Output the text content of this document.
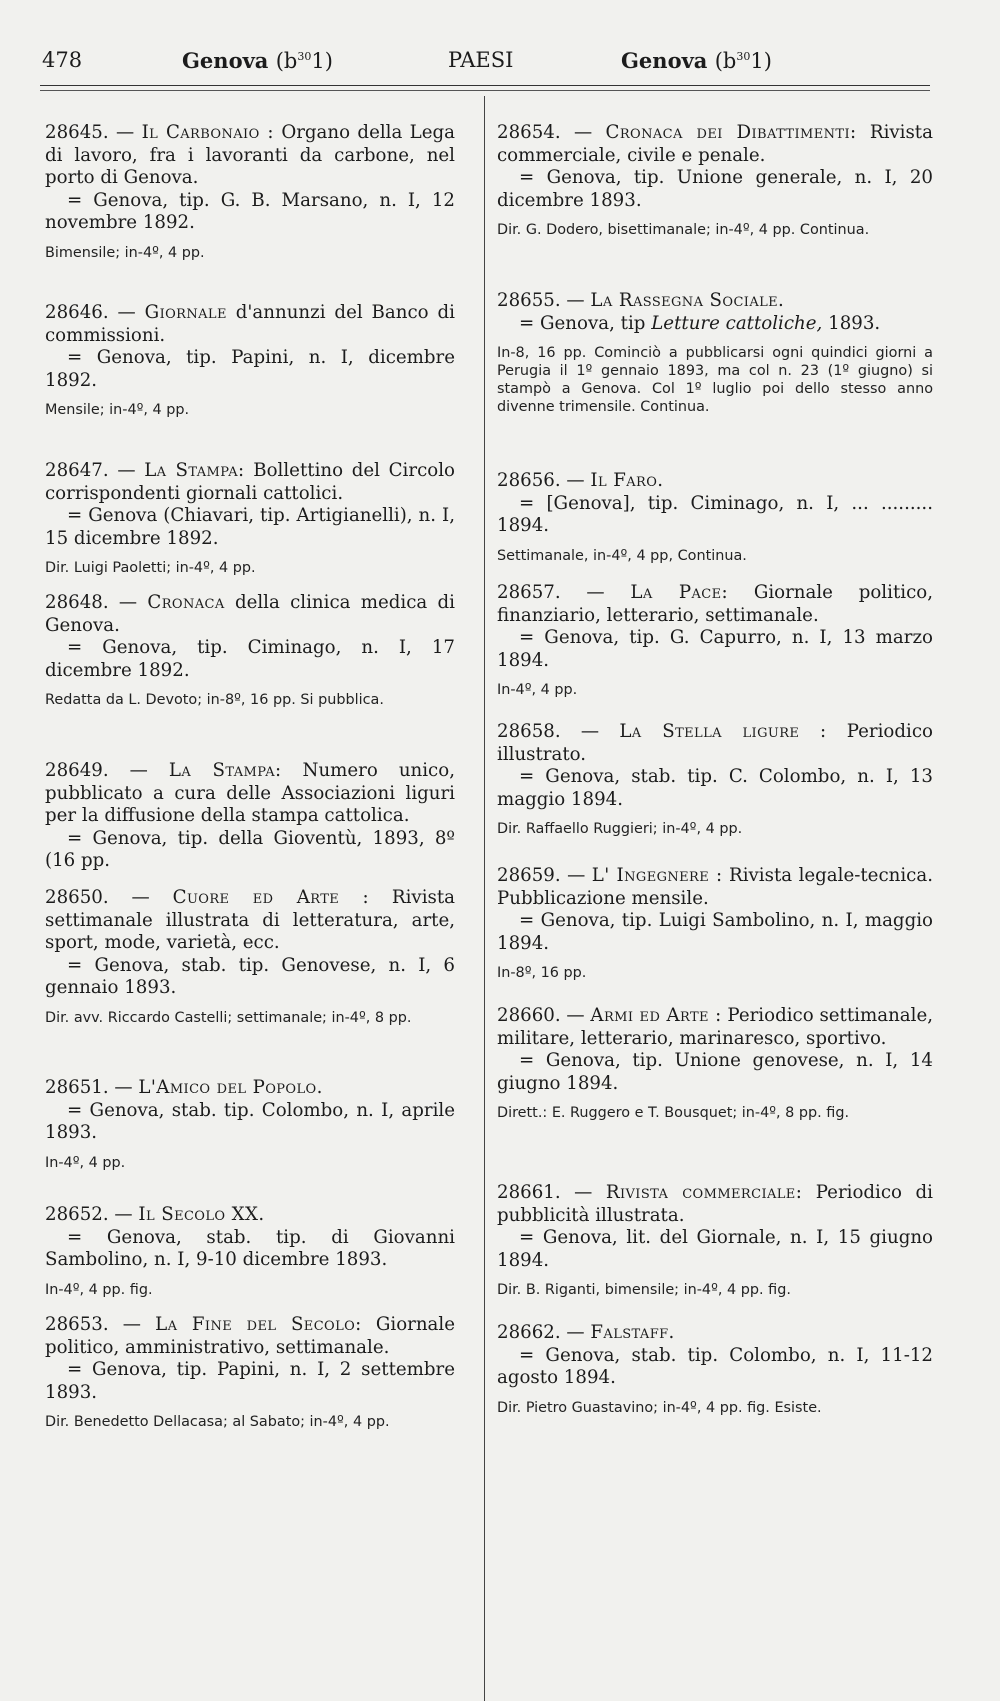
478	Genova $(b^{30}1)$	PAESI	Genova $(b^{30}1)$

28645. — Il Carbonaio : Organo della Lega di lavoro, fra i lavoranti da carbone, nel porto di Genova.

= Genova, tip. G. B. Marsano, n. I, 12 novembre 1892.

Bimensile; in-4º, 4 pp.

28646. — Giornale d'annunzi del Banco di commissioni.

= Genova, tip. Papini, n. I, dicembre 1892.

Mensile; in-4º, 4 pp.

28647. — La Stampa: Bollettino del Circolo corrispondenti giornali cattolici.

= Genova (Chiavari, tip. Artigianelli), n. I, 15 dicembre 1892.

Dir. Luigi Paoletti; in-4º, 4 pp.

28648. — Cronaca della clinica medica di Genova.

= Genova, tip. Ciminago, n. I, 17 dicembre 1892.

Redatta da L. Devoto; in-8º, 16 pp. Si pubblica.

28649. — La Stampa: Numero unico, pubblicato a cura delle Associazioni liguri per la diffusione della stampa cattolica.

= Genova, tip. della Gioventù, 1893, 8º (16 pp.

28650. — Cuore ed Arte : Rivista settimanale illustrata di letteratura, arte, sport, mode, varietà, ecc.

= Genova, stab. tip. Genovese, n. I, 6 gennaio 1893.

Dir. avv. Riccardo Castelli; settimanale; in-4º, 8 pp.

28651. — L'Amico del Popolo.

= Genova, stab. tip. Colombo, n. I, aprile 1893.

In-4º, 4 pp.

28652. — Il Secolo XX.

= Genova, stab. tip. di Giovanni Sambolino, n. I, 9-10 dicembre 1893.

In-4º, 4 pp. fig.

28653. — La Fine del Secolo: Giornale politico, amministrativo, settimanale.

= Genova, tip. Papini, n. I, 2 settembre 1893.

Dir. Benedetto Dellacasa; al Sabato; in-4º, 4 pp.

28654. — Cronaca dei Dibattimenti: Rivista commerciale, civile e penale.

= Genova, tip. Unione generale, n. I, 20 dicembre 1893.

Dir. G. Dodero, bisettimanale; in-4º, 4 pp. Continua.

28655. — La Rassegna Sociale.

= Genova, tip Letture cattoliche, 1893.

In-8, 16 pp. Cominciò a pubblicarsi ogni quindici giorni a Perugia il 1º gennaio 1893, ma col n. 23 (1º giugno) si stampò a Genova. Col 1º luglio poi dello stesso anno divenne trimensile. Continua.

28656. — Il Faro.

= [Genova], tip. Ciminago, n. I, ... ......... 1894.

Settimanale, in-4º, 4 pp, Continua.

28657. — La Pace: Giornale politico, finanziario, letterario, settimanale.

= Genova, tip. G. Capurro, n. I, 13 marzo 1894.

In-4º, 4 pp.

28658. — La Stella ligure : Periodico illustrato.

= Genova, stab. tip. C. Colombo, n. I, 13 maggio 1894.

Dir. Raffaello Ruggieri; in-4º, 4 pp.

28659. — L' Ingegnere : Rivista legale-tecnica. Pubblicazione mensile.

= Genova, tip. Luigi Sambolino, n. I, maggio 1894.

In-8º, 16 pp.

28660. — Armi ed Arte : Periodico settimanale, militare, letterario, marinaresco, sportivo.

= Genova, tip. Unione genovese, n. I, 14 giugno 1894.

Dirett.: E. Ruggero e T. Bousquet; in-4º, 8 pp. fig.

28661. — Rivista commerciale: Periodico di pubblicità illustrata.

= Genova, lit. del Giornale, n. I, 15 giugno 1894.

Dir. B. Riganti, bimensile; in-4º, 4 pp. fig.

28662. — Falstaff.

= Genova, stab. tip. Colombo, n. I, 11-12 agosto 1894.

Dir. Pietro Guastavino; in-4º, 4 pp. fig. Esiste.
